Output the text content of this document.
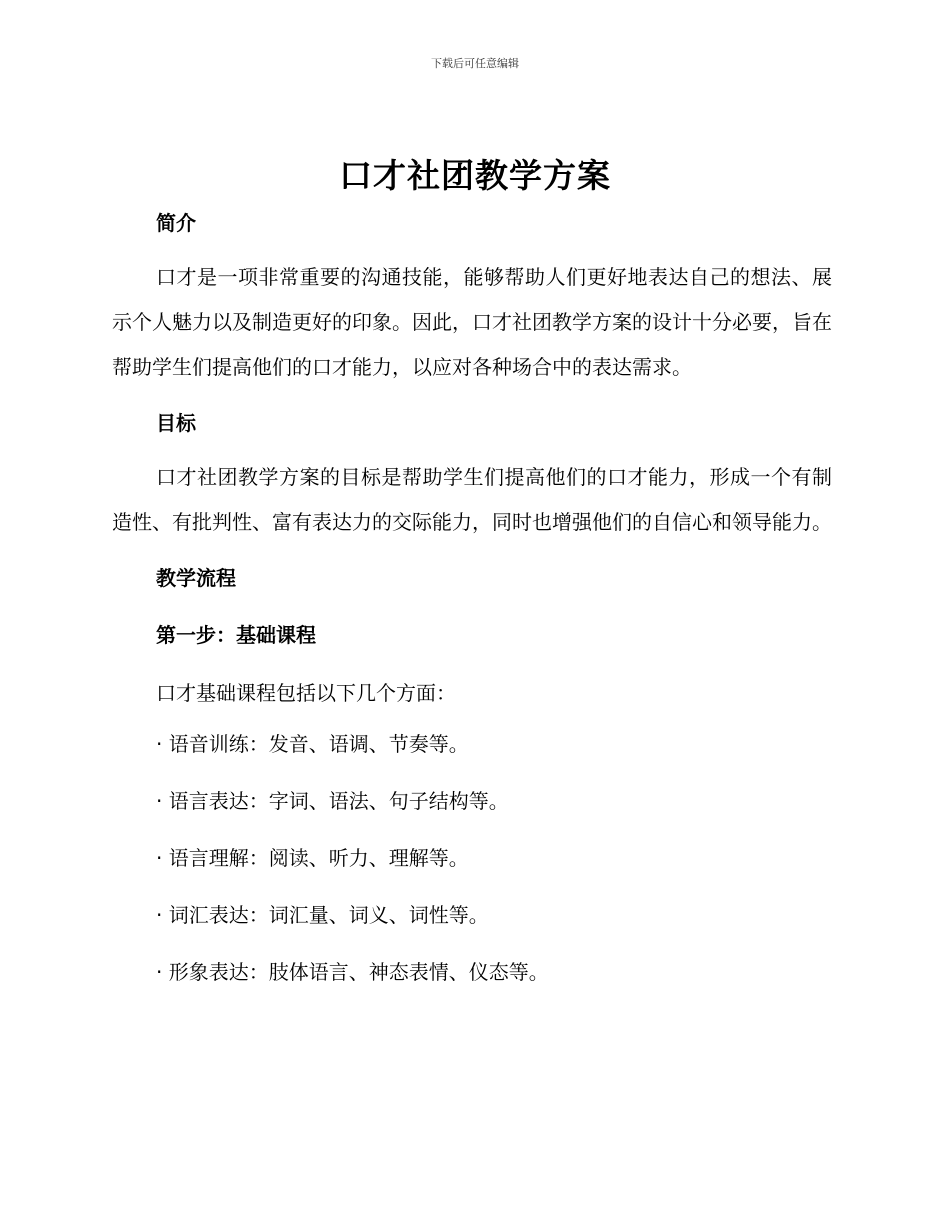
下载后可任意编辑
口才社团教学方案
简介

口才是一项非常重要的沟通技能，能够帮助人们更好地表达自己的想法、展示个人魅力以及制造更好的印象。因此，口才社团教学方案的设计十分必要，旨在帮助学生们提高他们的口才能力，以应对各种场合中的表达需求。

目标

口才社团教学方案的目标是帮助学生们提高他们的口才能力，形成一个有制造性、有批判性、富有表达力的交际能力，同时也增强他们的自信心和领导能力。

教学流程
第一步：基础课程

口才基础课程包括以下几个方面：

· 语音训练：发音、语调、节奏等。
· 语言表达：字词、语法、句子结构等。
· 语言理解：阅读、听力、理解等。
· 词汇表达：词汇量、词义、词性等。
· 形象表达：肢体语言、神态表情、仪态等。
